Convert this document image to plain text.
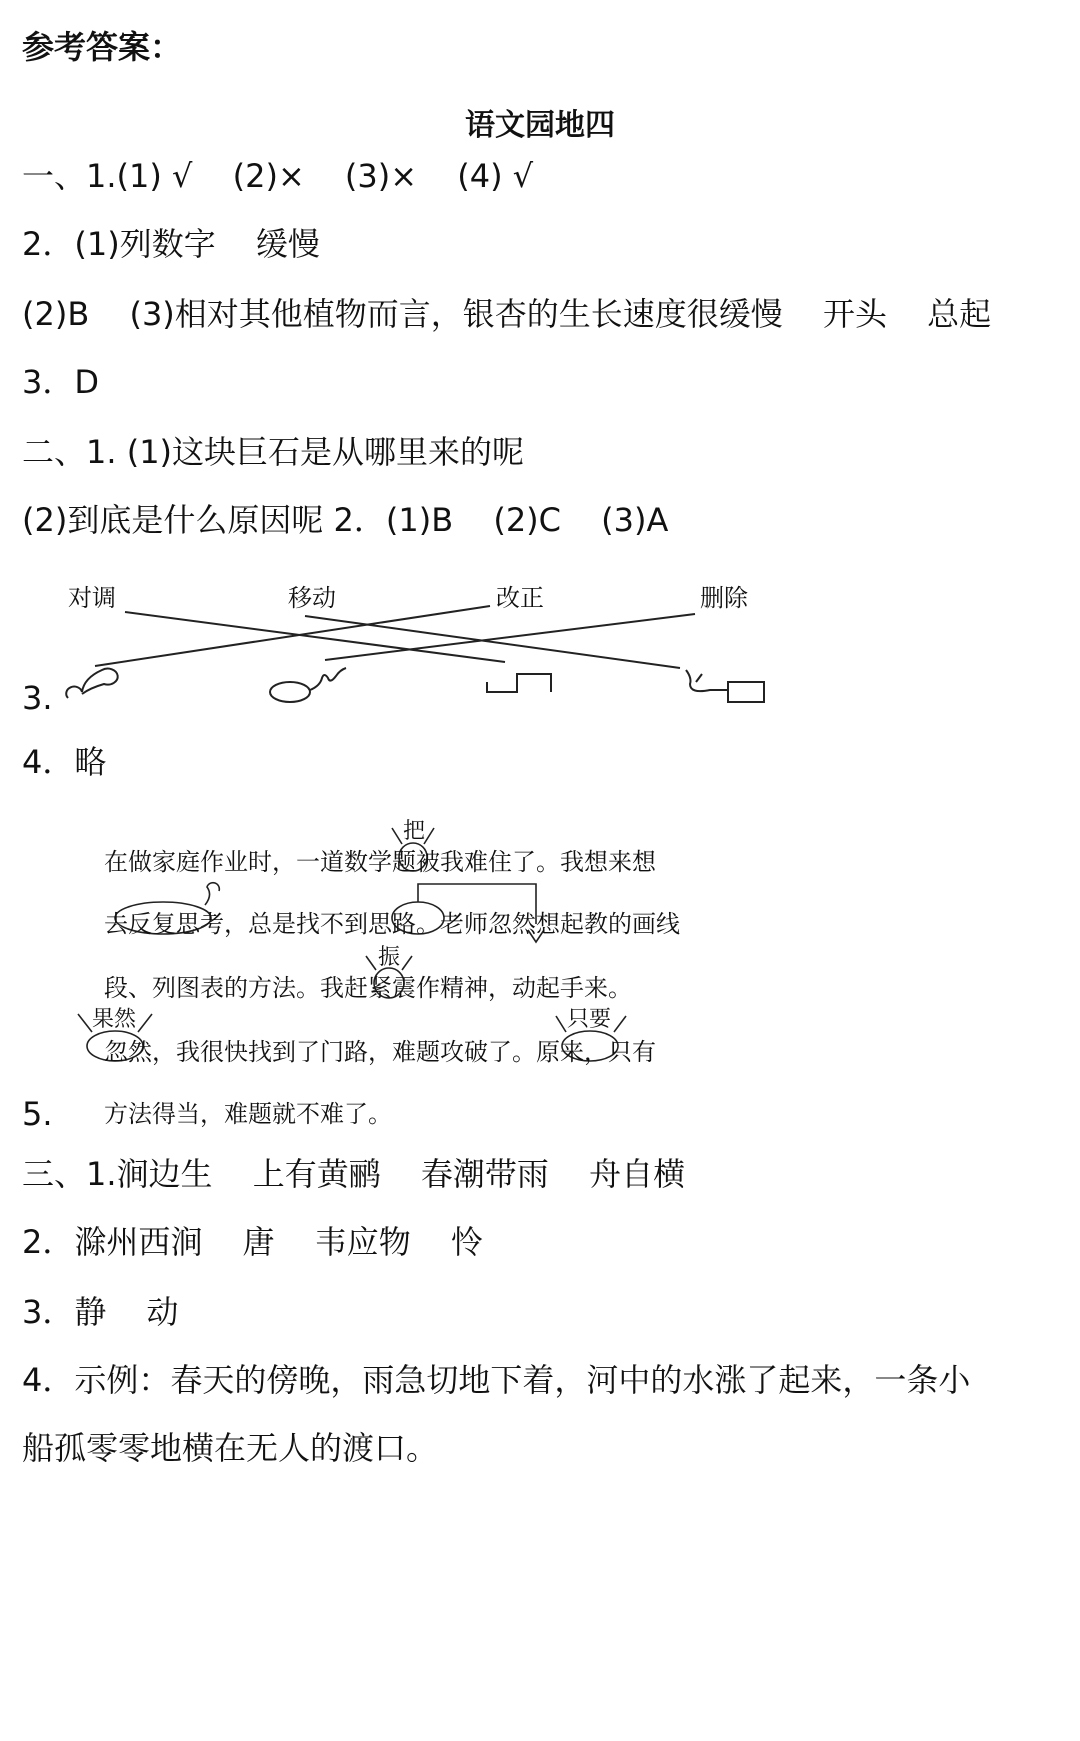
参考答案：
语文园地四
一、1.(1) √ (2)× (3)× (4) √
2．(1)列数字 缓慢
(2)B (3)相对其他植物而言，银杏的生长速度很缓慢 开头 总起
3．D
二、1. (1)这块巨石是从哪里来的呢
(2)到底是什么原因呢 2．(1)B (2)C (3)A
对调	移动	改正	删除
3.
把
振
果然	只要
4．略
在做家庭作业时，一道数学题被我难住了。我想来想
去反复思考，总是找不到思路。老师忽然想起教的画线
段、列图表的方法。我赶紧震作精神，动起手来。
忽然，我很快找到了门路，难题攻破了。原来，只有
5. 方法得当，难题就不难了。
三、1.涧边生 上有黄鹂 春潮带雨 舟自横
2．滁州西涧 唐 韦应物 怜
3．静 动
4．示例：春天的傍晚，雨急切地下着，河中的水涨了起来，一条小
船孤零零地横在无人的渡口。
